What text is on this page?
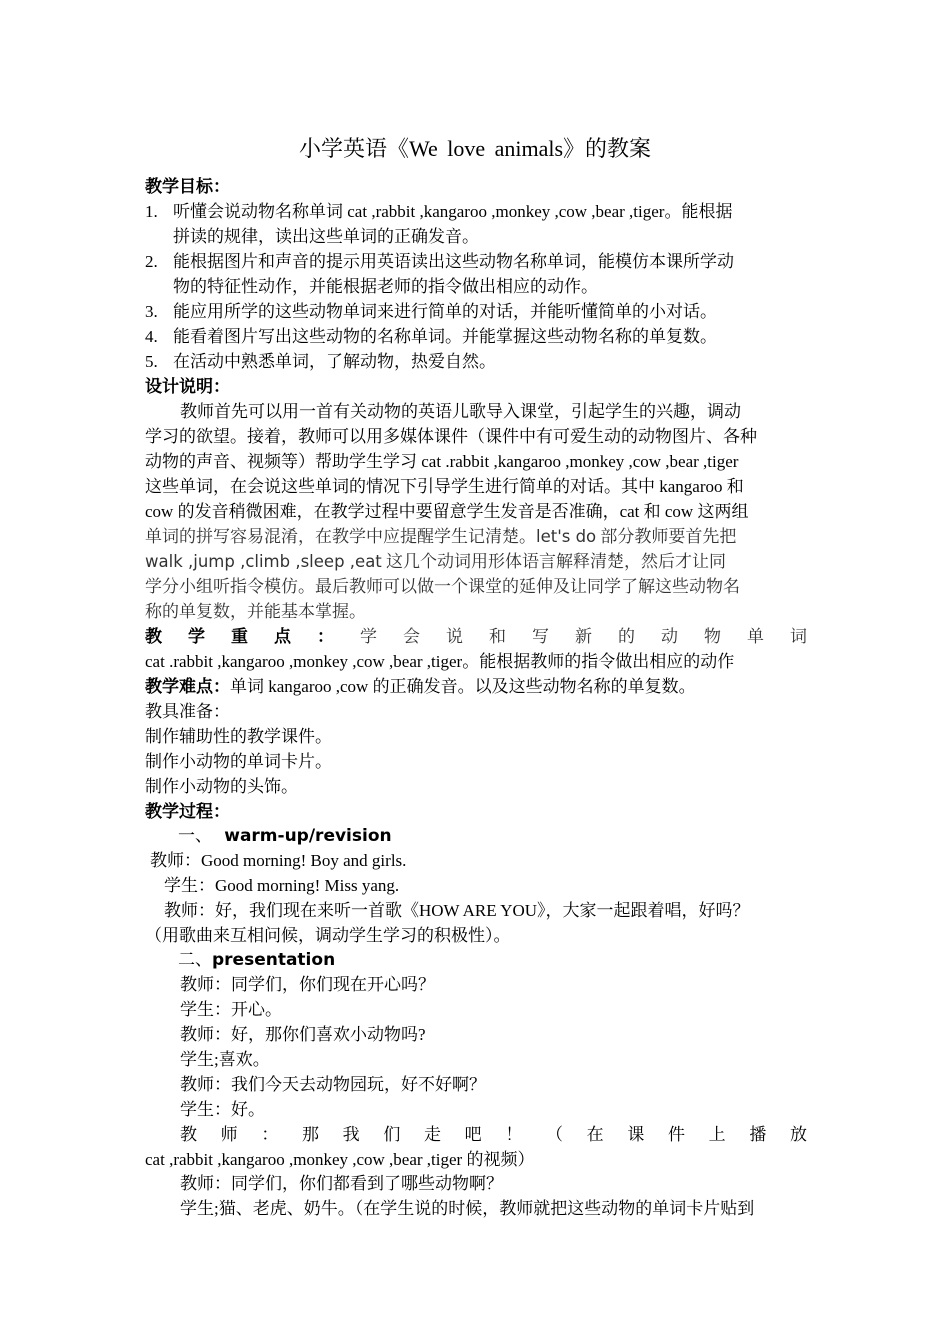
小学英语《We love animals》的教案
教学目标：
1. 听懂会说动物名称单词 cat ,rabbit ,kangaroo ,monkey ,cow ,bear ,tiger。能根据
拼读的规律，读出这些单词的正确发音。
2. 能根据图片和声音的提示用英语读出这些动物名称单词，能模仿本课所学动
物的特征性动作，并能根据老师的指令做出相应的动作。
3. 能应用所学的这些动物单词来进行简单的对话，并能听懂简单的小对话。
4. 能看着图片写出这些动物的名称单词。并能掌握这些动物名称的单复数。
5. 在活动中熟悉单词，了解动物，热爱自然。
设计说明：
教师首先可以用一首有关动物的英语儿歌导入课堂，引起学生的兴趣，调动
学习的欲望。接着，教师可以用多媒体课件（课件中有可爱生动的动物图片、各种
动物的声音、视频等）帮助学生学习 cat .rabbit ,kangaroo ,monkey ,cow ,bear ,tiger
这些单词，在会说这些单词的情况下引导学生进行简单的对话。其中 kangaroo 和
cow 的发音稍微困难，在教学过程中要留意学生发音是否准确，cat 和 cow 这两组
单词的拼写容易混淆，在教学中应提醒学生记清楚。let's do 部分教师要首先把
walk ,jump ,climb ,sleep ,eat 这几个动词用形体语言解释清楚，然后才让同
学分小组听指令模仿。最后教师可以做一个课堂的延伸及让同学了解这些动物名
称的单复数，并能基本掌握。
教 学 重 点 ： 学 会 说 和 写 新 的 动 物 单 词
cat .rabbit ,kangaroo ,monkey ,cow ,bear ,tiger。能根据教师的指令做出相应的动作
教学难点：单词 kangaroo ,cow 的正确发音。以及这些动物名称的单复数。
教具准备：
制作辅助性的教学课件。
制作小动物的单词卡片。
制作小动物的头饰。
教学过程：
一、 warm-up/revision
教师：Good morning! Boy and girls.
学生：Good morning! Miss yang.
教师：好，我们现在来听一首歌《HOW ARE YOU》，大家一起跟着唱，好吗？
（用歌曲来互相问候，调动学生学习的积极性）。
二、presentation
教师：同学们，你们现在开心吗？
学生：开心。
教师：好，那你们喜欢小动物吗?
学生;喜欢。
教师：我们今天去动物园玩，好不好啊？
学生：好。
教 师 ： 那 我 们 走 吧 ！ （ 在 课 件 上 播 放
cat ,rabbit ,kangaroo ,monkey ,cow ,bear ,tiger 的视频）
教师：同学们，你们都看到了哪些动物啊？
学生;猫、老虎、奶牛。（在学生说的时候，教师就把这些动物的单词卡片贴到
